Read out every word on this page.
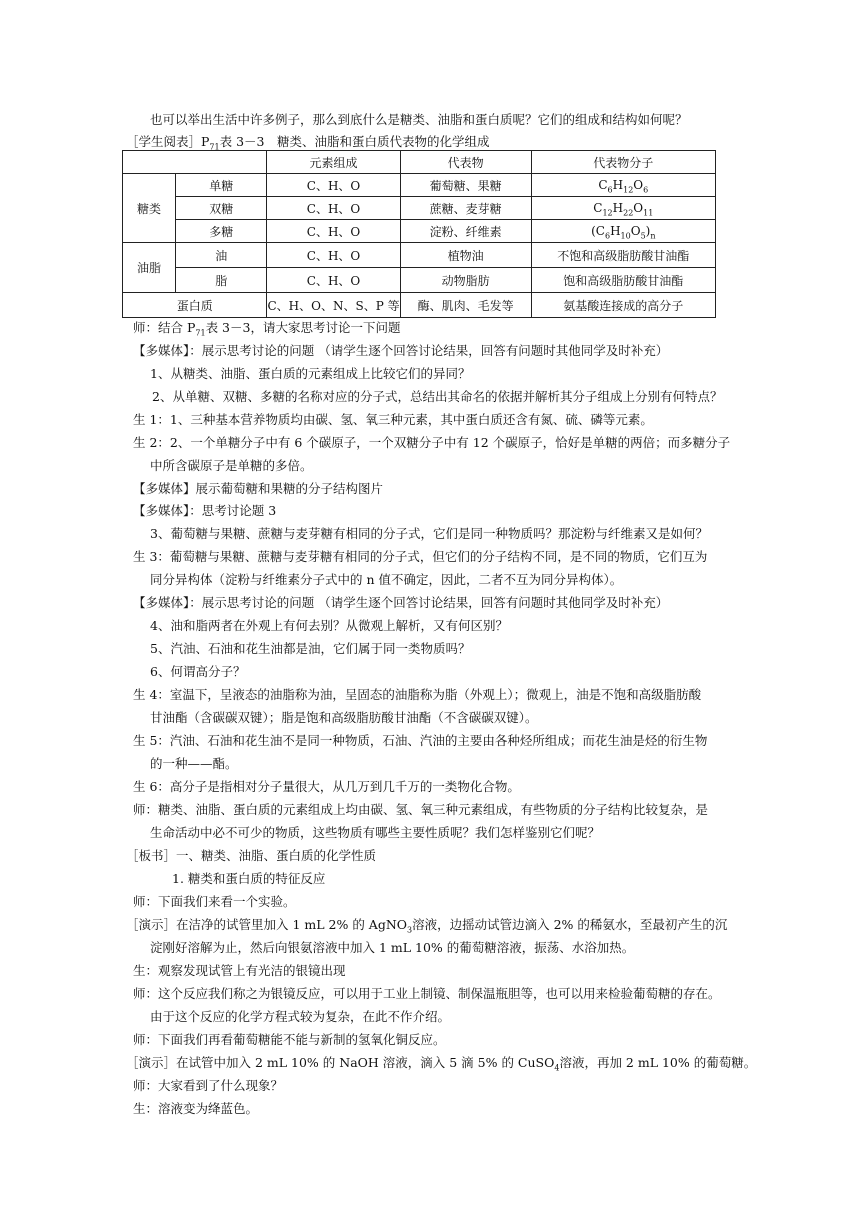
也可以举出生活中许多例子，那么到底什么是糖类、油脂和蛋白质呢？它们的组成和结构如何呢？
［学生阅表$]P_{71}$表 3－3　糖类、油脂和蛋白质代表物的化学组成
		元素组成	代表物	代表物分子
糖类	单糖	C、H、O	葡萄糖、果糖	$C_6H_{12}O_6$
	双糖	C、H、O	蔗糖、麦芽糖	$C_{12}H_{22}O_{11}$
	多糖	C、H、O	淀粉、纤维素	$(C_6H_{10}O_5)_n$
油脂	油	C、H、O	植物油	不饱和高级脂肪酸甘油酯
	脂	C、H、O	动物脂肪	饱和高级脂肪酸甘油酯
蛋白质		C、H、O、N、S、P 等	酶、肌肉、毛发等	氨基酸连接成的高分子
师：结合 $P_{71}$表 3－3，请大家思考讨论一下问题
【多媒体】：展示思考讨论的问题 （请学生逐个回答讨论结果，回答有问题时其他同学及时补充）
1、从糖类、油脂、蛋白质的元素组成上比较它们的异同？
2、从单糖、双糖、多糖的名称对应的分子式，总结出其命名的依据并解析其分子组成上分别有何特点？
生 1：1、三种基本营养物质均由碳、氢、氧三种元素，其中蛋白质还含有氮、硫、磷等元素。
生 2：2、一个单糖分子中有 6 个碳原子，一个双糖分子中有 12 个碳原子，恰好是单糖的两倍；而多糖分子
中所含碳原子是单糖的多倍。
【多媒体】展示葡萄糖和果糖的分子结构图片
【多媒体】：思考讨论题 3
3、葡萄糖与果糖、蔗糖与麦芽糖有相同的分子式，它们是同一种物质吗？那淀粉与纤维素又是如何？
生 3：葡萄糖与果糖、蔗糖与麦芽糖有相同的分子式，但它们的分子结构不同，是不同的物质，它们互为
同分异构体（淀粉与纤维素分子式中的 n 值不确定，因此，二者不互为同分异构体）。
【多媒体】：展示思考讨论的问题 （请学生逐个回答讨论结果，回答有问题时其他同学及时补充）
4、油和脂两者在外观上有何去别？从微观上解析，又有何区别？
5、汽油、石油和花生油都是油，它们属于同一类物质吗？
6、何谓高分子？
生 4：室温下，呈液态的油脂称为油，呈固态的油脂称为脂（外观上）；微观上，油是不饱和高级脂肪酸
甘油酯（含碳碳双键）；脂是饱和高级脂肪酸甘油酯（不含碳碳双键）。
生 5：汽油、石油和花生油不是同一种物质，石油、汽油的主要由各种烃所组成；而花生油是烃的衍生物
的一种——酯。
生 6：高分子是指相对分子量很大，从几万到几千万的一类物化合物。
师：糖类、油脂、蛋白质的元素组成上均由碳、氢、氧三种元素组成，有些物质的分子结构比较复杂，是
生命活动中必不可少的物质，这些物质有哪些主要性质呢？我们怎样鉴别它们呢？
［板书］一、糖类、油脂、蛋白质的化学性质
1. 糖类和蛋白质的特征反应
师：下面我们来看一个实验。
［演示］在洁净的试管里加入 1 mL 2% 的 AgNO$_3$溶液，边摇动试管边滴入 2% 的稀氨水，至最初产生的沉
淀刚好溶解为止，然后向银氨溶液中加入 1 mL 10% 的葡萄糖溶液，振荡、水浴加热。
生：观察发现试管上有光洁的银镜出现
师：这个反应我们称之为银镜反应，可以用于工业上制镜、制保温瓶胆等，也可以用来检验葡萄糖的存在。
由于这个反应的化学方程式较为复杂，在此不作介绍。
师：下面我们再看葡萄糖能不能与新制的氢氧化铜反应。
［演示］在试管中加入 2 mL 10% 的 NaOH 溶液，滴入 5 滴 5% 的 CuSO$_4$溶液，再加 2 mL 10% 的葡萄糖。
师：大家看到了什么现象？
生：溶液变为绛蓝色。
